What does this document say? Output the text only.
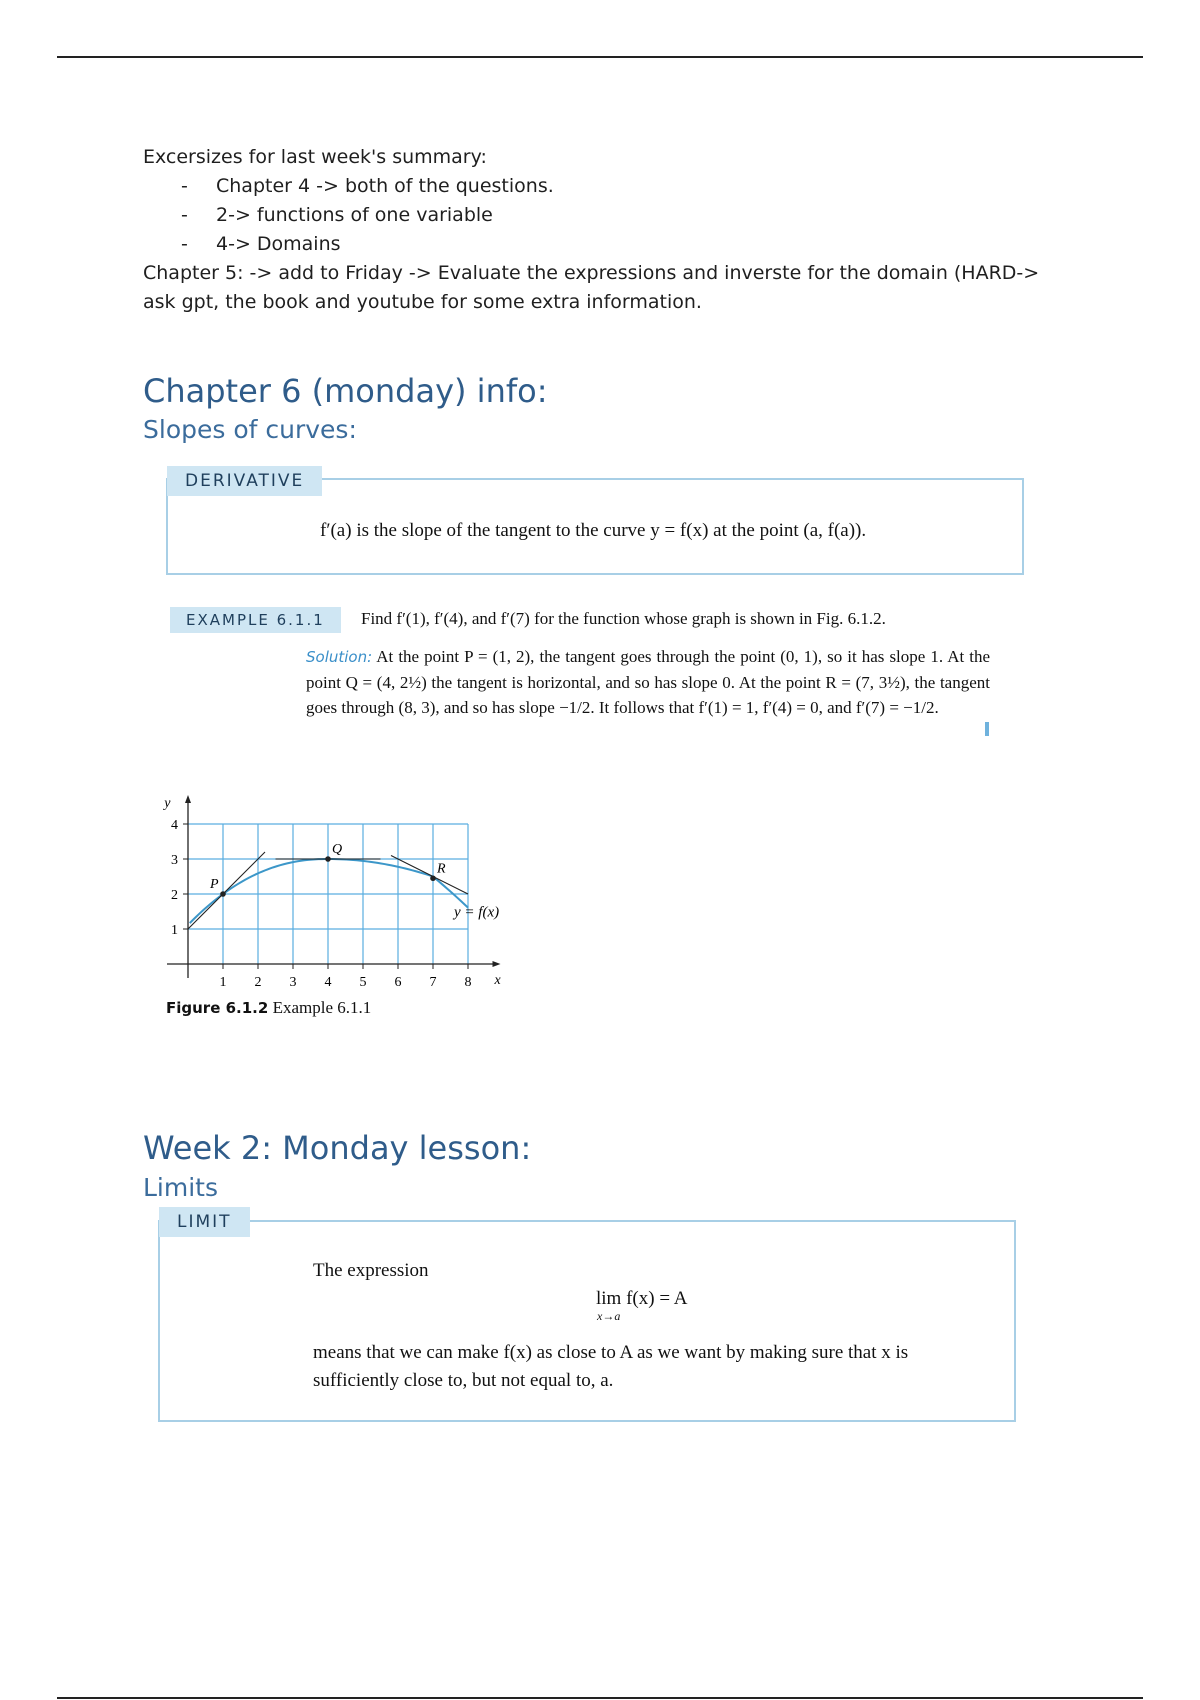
Excersizes for last week's summary:

- Chapter 4 -> both of the questions.
- 2-> functions of one variable
- 4-> Domains

Chapter 5: -> add to Friday -> Evaluate the expressions and inverste for the domain (HARD-> ask gpt, the book and youtube for some extra information.

Chapter 6 (monday) info:
Slopes of curves:
DERIVATIVE
f′(a) is the slope of the tangent to the curve y = f(x) at the point (a, f(a)).
EXAMPLE 6.1.1	Find f′(1), f′(4), and f′(7) for the function whose graph is shown in Fig. 6.1.2.
Solution: At the point P = (1, 2), the tangent goes through the point (0, 1), so it has slope 1. At the point Q = (4, 2½) the tangent is horizontal, and so has slope 0. At the point R = (7, 3½), the tangent goes through (8, 3), and so has slope −1/2. It follows that f′(1) = 1, f′(4) = 0, and f′(7) = −1/2.
P
Q
R
1 2 3 4 5 6 7 8
1
2
3
4
x
y
y = f(x)
Figure 6.1.2 Example 6.1.1
Week 2: Monday lesson:
Limits
LIMIT
The expression
lim
x→a
f(x) = A
means that we can make f(x) as close to A as we want by making sure that x is sufficiently close to, but not equal to, a.
